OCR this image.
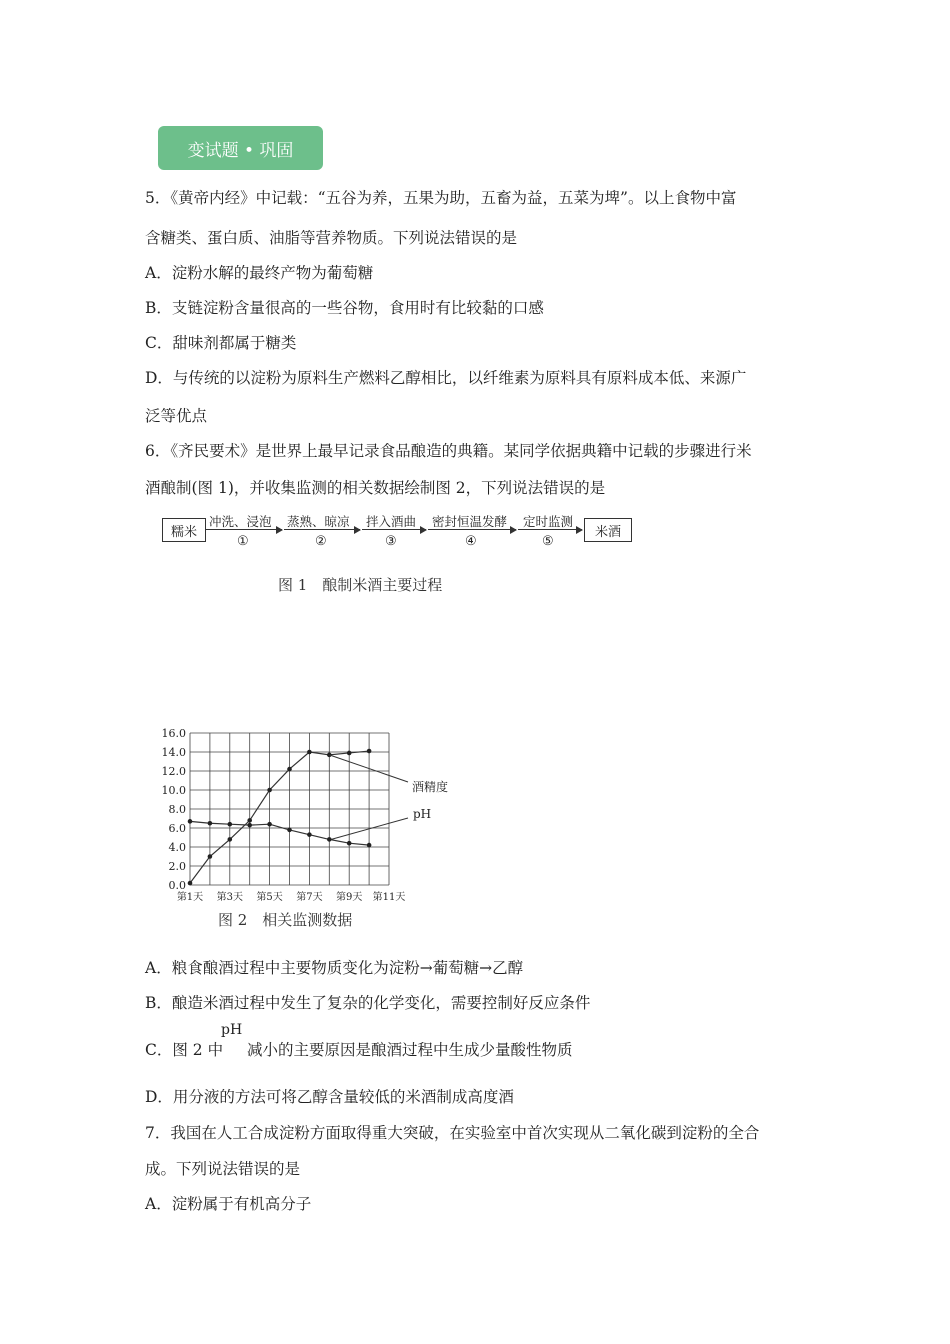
变试题 • 巩固
5．《黄帝内经》中记载：“五谷为养，五果为助，五畜为益，五菜为埤”。以上食物中富
含糖类、蛋白质、油脂等营养物质。下列说法错误的是
A．淀粉水解的最终产物为葡萄糖
B．支链淀粉含量很高的一些谷物，食用时有比较黏的口感
C．甜味剂都属于糖类
D．与传统的以淀粉为原料生产燃料乙醇相比，以纤维素为原料具有原料成本低、来源广
泛等优点
6．《齐民要术》是世界上最早记录食品酿造的典籍。某同学依据典籍中记载的步骤进行米
酒酿制(图 1)，并收集监测的相关数据绘制图 2，下列说法错误的是
糯米
冲洗、浸泡
①
蒸熟、晾凉
②
拌入酒曲
③
密封恒温发酵
④
定时监测
⑤
米酒
图 1　酿制米酒主要过程
0.0
2.0
4.0
6.0
8.0
10.0
12.0
14.0
16.0
第1天 第3天 第5天 第7天 第9天 第11天
酒精度
pH
图 2　相关监测数据
A．粮食酿酒过程中主要物质变化为淀粉→葡萄糖→乙醇
B．酿造米酒过程中发生了复杂的化学变化，需要控制好反应条件
C．图 2 中
pH
减小的主要原因是酿酒过程中生成少量酸性物质
D．用分液的方法可将乙醇含量较低的米酒制成高度酒
7．我国在人工合成淀粉方面取得重大突破，在实验室中首次实现从二氧化碳到淀粉的全合
成。下列说法错误的是
A．淀粉属于有机高分子
